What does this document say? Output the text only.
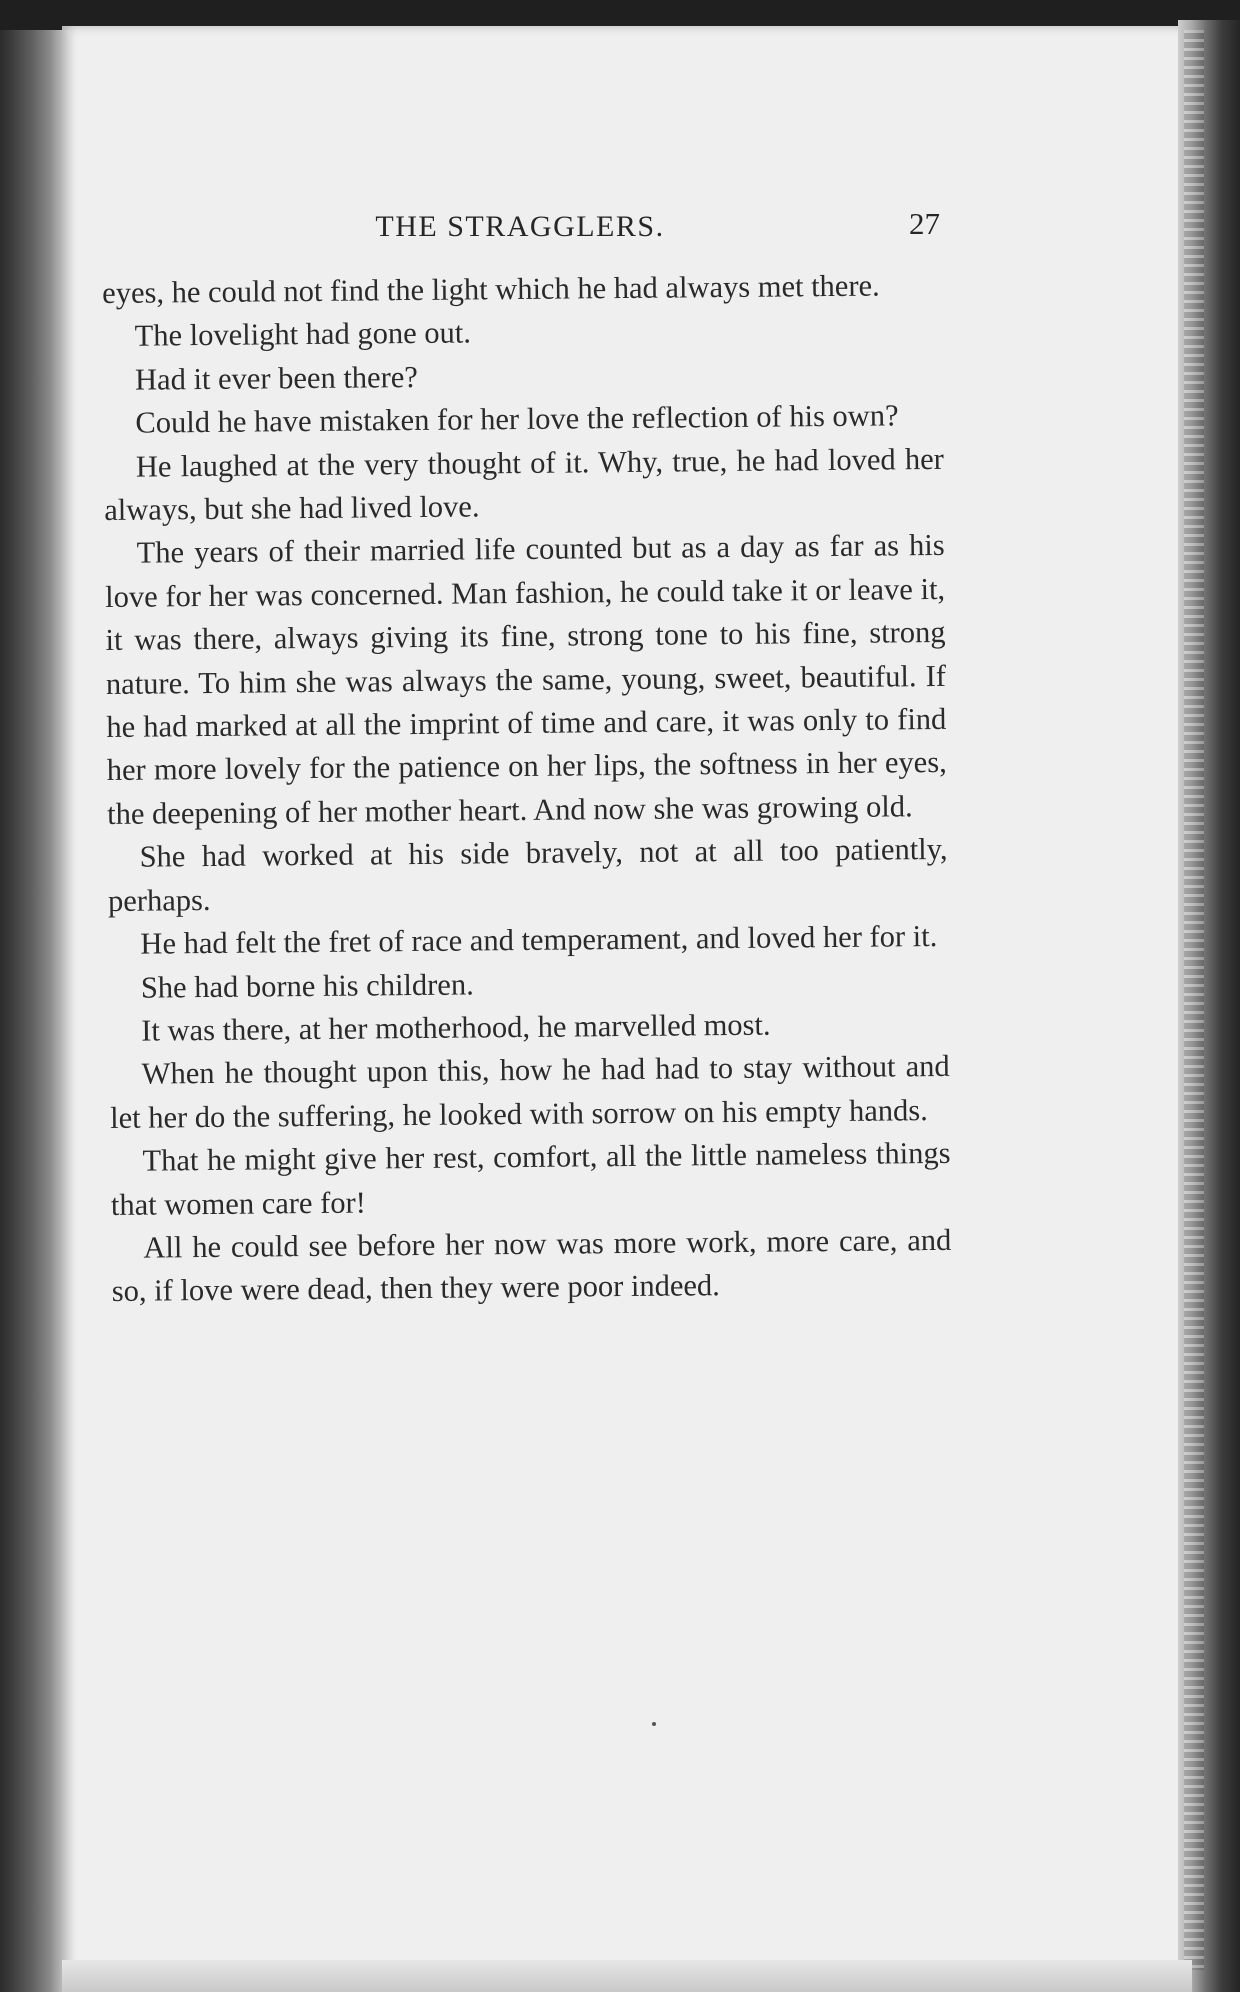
THE STRAGGLERS.	27

eyes, he could not find the light which he had always met there.

The lovelight had gone out.

Had it ever been there?

Could he have mistaken for her love the reflection of his own?

He laughed at the very thought of it. Why, true, he had loved her always, but she had lived love.

The years of their married life counted but as a day as far as his love for her was concerned. Man fashion, he could take it or leave it, it was there, always giving its fine, strong tone to his fine, strong nature. To him she was always the same, young, sweet, beautiful. If he had marked at all the imprint of time and care, it was only to find her more lovely for the patience on her lips, the softness in her eyes, the deepening of her mother heart. And now she was growing old.

She had worked at his side bravely, not at all too patiently, perhaps.

He had felt the fret of race and temperament, and loved her for it.

She had borne his children.

It was there, at her motherhood, he marvelled most.

When he thought upon this, how he had had to stay without and let her do the suffering, he looked with sorrow on his empty hands.

That he might give her rest, comfort, all the little nameless things that women care for!

All he could see before her now was more work, more care, and so, if love were dead, then they were poor indeed.
